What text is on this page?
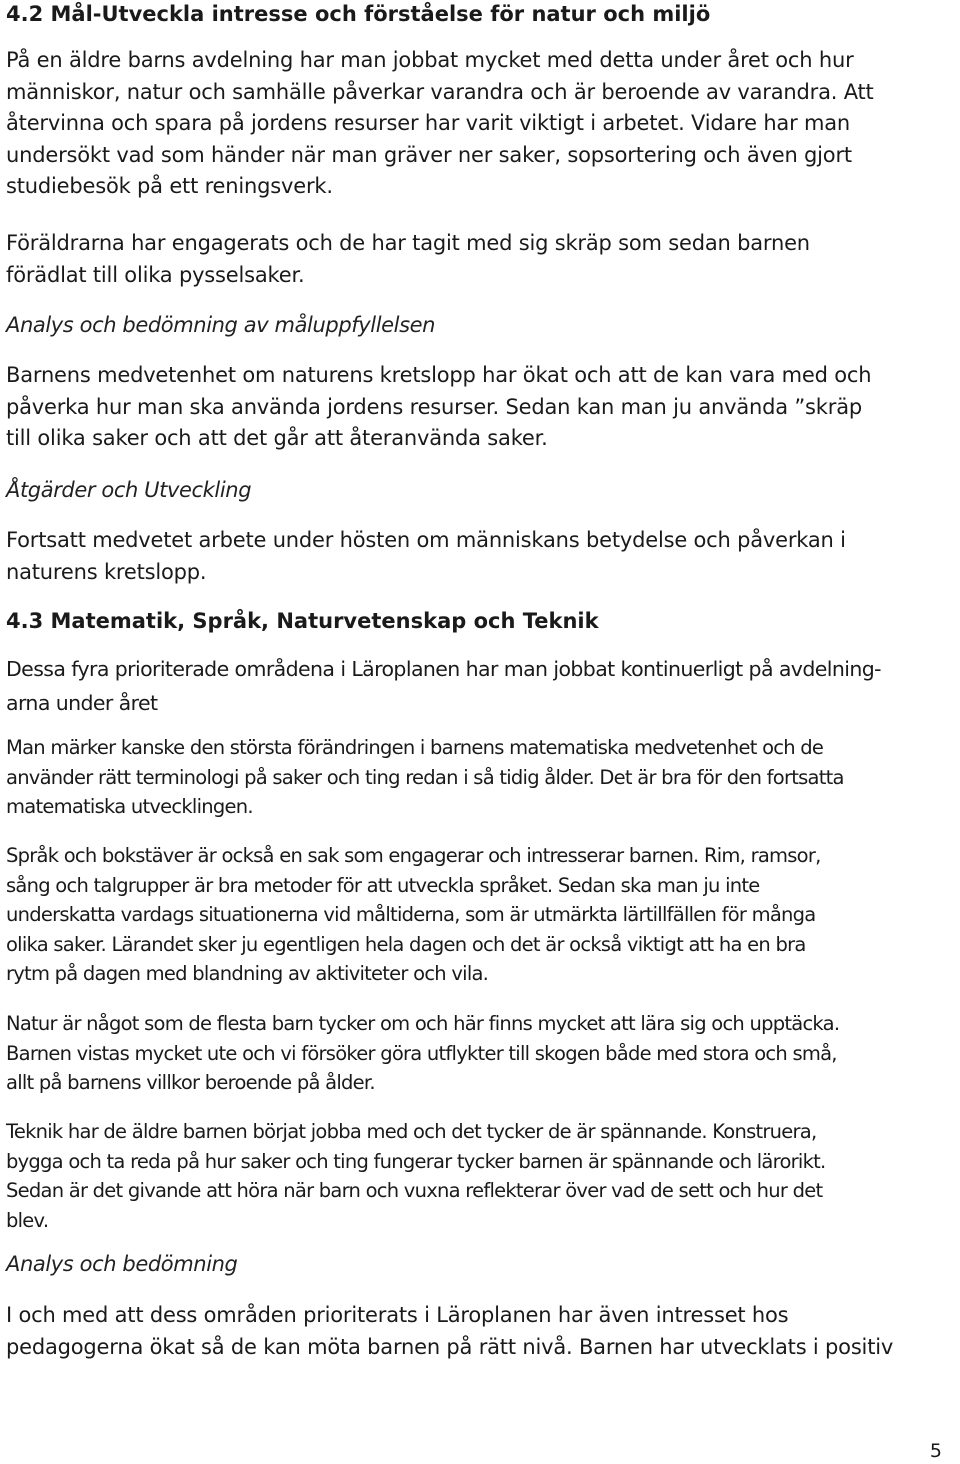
4.2 Mål-Utveckla intresse och förståelse för natur och miljö
På en äldre barns avdelning har man jobbat mycket med detta under året och hur
människor, natur och samhälle påverkar varandra och är beroende av varandra. Att
återvinna och spara på jordens resurser har varit viktigt i arbetet. Vidare har man
undersökt vad som händer när man gräver ner saker, sopsortering och även gjort
studiebesök på ett reningsverk.
Föräldrarna har engagerats och de har tagit med sig skräp som sedan barnen
förädlat till olika pysselsaker.
Analys och bedömning av måluppfyllelsen
Barnens medvetenhet om naturens kretslopp har ökat och att de kan vara med och
påverka hur man ska använda jordens resurser. Sedan kan man ju använda ”skräp
till olika saker och att det går att återanvända saker.
Åtgärder och Utveckling
Fortsatt medvetet arbete under hösten om människans betydelse och påverkan i
naturens kretslopp.
4.3 Matematik, Språk, Naturvetenskap och Teknik
Dessa fyra prioriterade områdena i Läroplanen har man jobbat kontinuerligt på avdelning-
arna under året
Man märker kanske den största förändringen i barnens matematiska medvetenhet och de
använder rätt terminologi på saker och ting redan i så tidig ålder. Det är bra för den fortsatta
matematiska utvecklingen.
Språk och bokstäver är också en sak som engagerar och intresserar barnen. Rim, ramsor,
sång och talgrupper är bra metoder för att utveckla språket. Sedan ska man ju inte
underskatta vardags situationerna vid måltiderna, som är utmärkta lärtillfällen för många
olika saker. Lärandet sker ju egentligen hela dagen och det är också viktigt att ha en bra
rytm på dagen med blandning av aktiviteter och vila.
Natur är något som de flesta barn tycker om och här finns mycket att lära sig och upptäcka.
Barnen vistas mycket ute och vi försöker göra utflykter till skogen både med stora och små,
allt på barnens villkor beroende på ålder.
Teknik har de äldre barnen börjat jobba med och det tycker de är spännande. Konstruera,
bygga och ta reda på hur saker och ting fungerar tycker barnen är spännande och lärorikt.
Sedan är det givande att höra när barn och vuxna reflekterar över vad de sett och hur det
blev.
Analys och bedömning
I och med att dess områden prioriterats i Läroplanen har även intresset hos
pedagogerna ökat så de kan möta barnen på rätt nivå. Barnen har utvecklats i positiv
5
